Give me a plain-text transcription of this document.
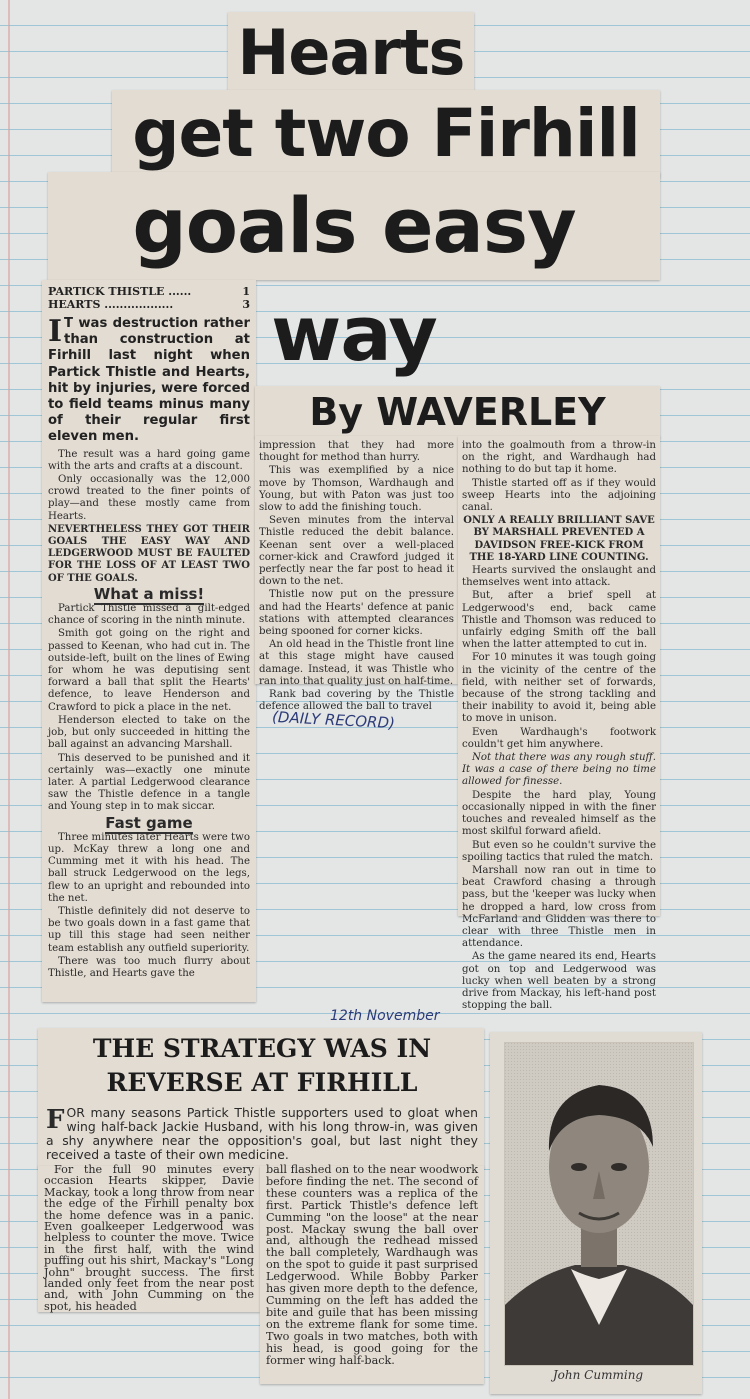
Hearts
get two Firhill
goals easy way
By WAVERLEY
PARTICK THISTLE ......	1
HEARTS ..................	3
I T was destruction rather than construction at Firhill last night when Partick Thistle and Hearts, hit by injuries, were forced to field teams minus many of their regular first eleven men.

The result was a hard going game with the arts and crafts at a discount.

Only occasionally was the 12,000 crowd treated to the finer points of play—and these mostly came from Hearts.

NEVERTHELESS THEY GOT THEIR GOALS THE EASY WAY AND LEDGERWOOD MUST BE FAULTED FOR THE LOSS OF AT LEAST TWO OF THE GOALS.

What a miss!

Partick Thistle missed a gilt-edged chance of scoring in the ninth minute.

Smith got going on the right and passed to Keenan, who had cut in. The outside-left, built on the lines of Ewing for whom he was deputising sent forward a ball that split the Hearts' defence, to leave Henderson and Crawford to pick a place in the net.

Henderson elected to take on the job, but only succeeded in hitting the ball against an advancing Marshall.

This deserved to be punished and it certainly was—exactly one minute later. A partial Ledgerwood clearance saw the Thistle defence in a tangle and Young step in to mak siccar.

Fast game

Three minutes later Hearts were two up. McKay threw a long one and Cumming met it with his head. The ball struck Ledgerwood on the legs, flew to an upright and rebounded into the net.

Thistle definitely did not deserve to be two goals down in a fast game that up till this stage had seen neither team establish any outfield superiority.

There was too much flurry about Thistle, and Hearts gave the

impression that they had more thought for method than hurry.

This was exemplified by a nice move by Thomson, Wardhaugh and Young, but with Paton was just too slow to add the finishing touch.

Seven minutes from the interval Thistle reduced the debit balance. Keenan sent over a well-placed corner-kick and Crawford judged it perfectly near the far post to head it down to the net.

Thistle now put on the pressure and had the Hearts' defence at panic stations with attempted clearances being spooned for corner kicks.

An old head in the Thistle front line at this stage might have caused damage. Instead, it was Thistle who ran into that quality just on half-time.

Rank bad covering by the Thistle defence allowed the ball to travel

into the goalmouth from a throw-in on the right, and Wardhaugh had nothing to do but tap it home.

Thistle started off as if they would sweep Hearts into the adjoining canal.

ONLY A REALLY BRILLIANT SAVE BY MARSHALL PREVENTED A DAVIDSON FREE-KICK FROM THE 18-YARD LINE COUNTING.

Hearts survived the onslaught and themselves went into attack.

But, after a brief spell at Ledgerwood's end, back came Thistle and Thomson was reduced to unfairly edging Smith off the ball when the latter attempted to cut in.

For 10 minutes it was tough going in the vicinity of the centre of the field, with neither set of forwards, because of the strong tackling and their inability to avoid it, being able to move in unison.

Even Wardhaugh's footwork couldn't get him anywhere.

Not that there was any rough stuff. It was a case of there being no time allowed for finesse.

Despite the hard play, Young occasionally nipped in with the finer touches and revealed himself as the most skilful forward afield.

But even so he couldn't survive the spoiling tactics that ruled the match.

Marshall now ran out in time to beat Crawford chasing a through pass, but the 'keeper was lucky when he dropped a hard, low cross from McFarland and Glidden was there to clear with three Thistle men in attendance.

As the game neared its end, Hearts got on top and Ledgerwood was lucky when well beaten by a strong drive from Mackay, his left-hand post stopping the ball.

(DAILY RECORD)
12th November
THE STRATEGY WAS IN
REVERSE AT FIRHILL
FOR many seasons Partick Thistle supporters used to gloat when wing half-back Jackie Husband, with his long throw-in, was given a shy anywhere near the opposition's goal, but last night they received a taste of their own medicine.

For the full 90 minutes every occasion Hearts skipper, Davie Mackay, took a long throw from near the edge of the Firhill penalty box the home defence was in a panic. Even goalkeeper Ledgerwood was helpless to counter the move. Twice in the first half, with the wind puffing out his shirt, Mackay's "Long John" brought success. The first landed only feet from the near post and, with John Cumming on the spot, his headed

ball flashed on to the near woodwork before finding the net. The second of these counters was a replica of the first. Partick Thistle's defence left Cumming "on the loose" at the near post. Mackay swung the ball over and, although the redhead missed the ball completely, Wardhaugh was on the spot to guide it past surprised Ledgerwood. While Bobby Parker has given more depth to the defence, Cumming on the left has added the bite and guile that has been missing on the extreme flank for some time. Two goals in two matches, both with his head, is good going for the former wing half-back.

John Cumming
